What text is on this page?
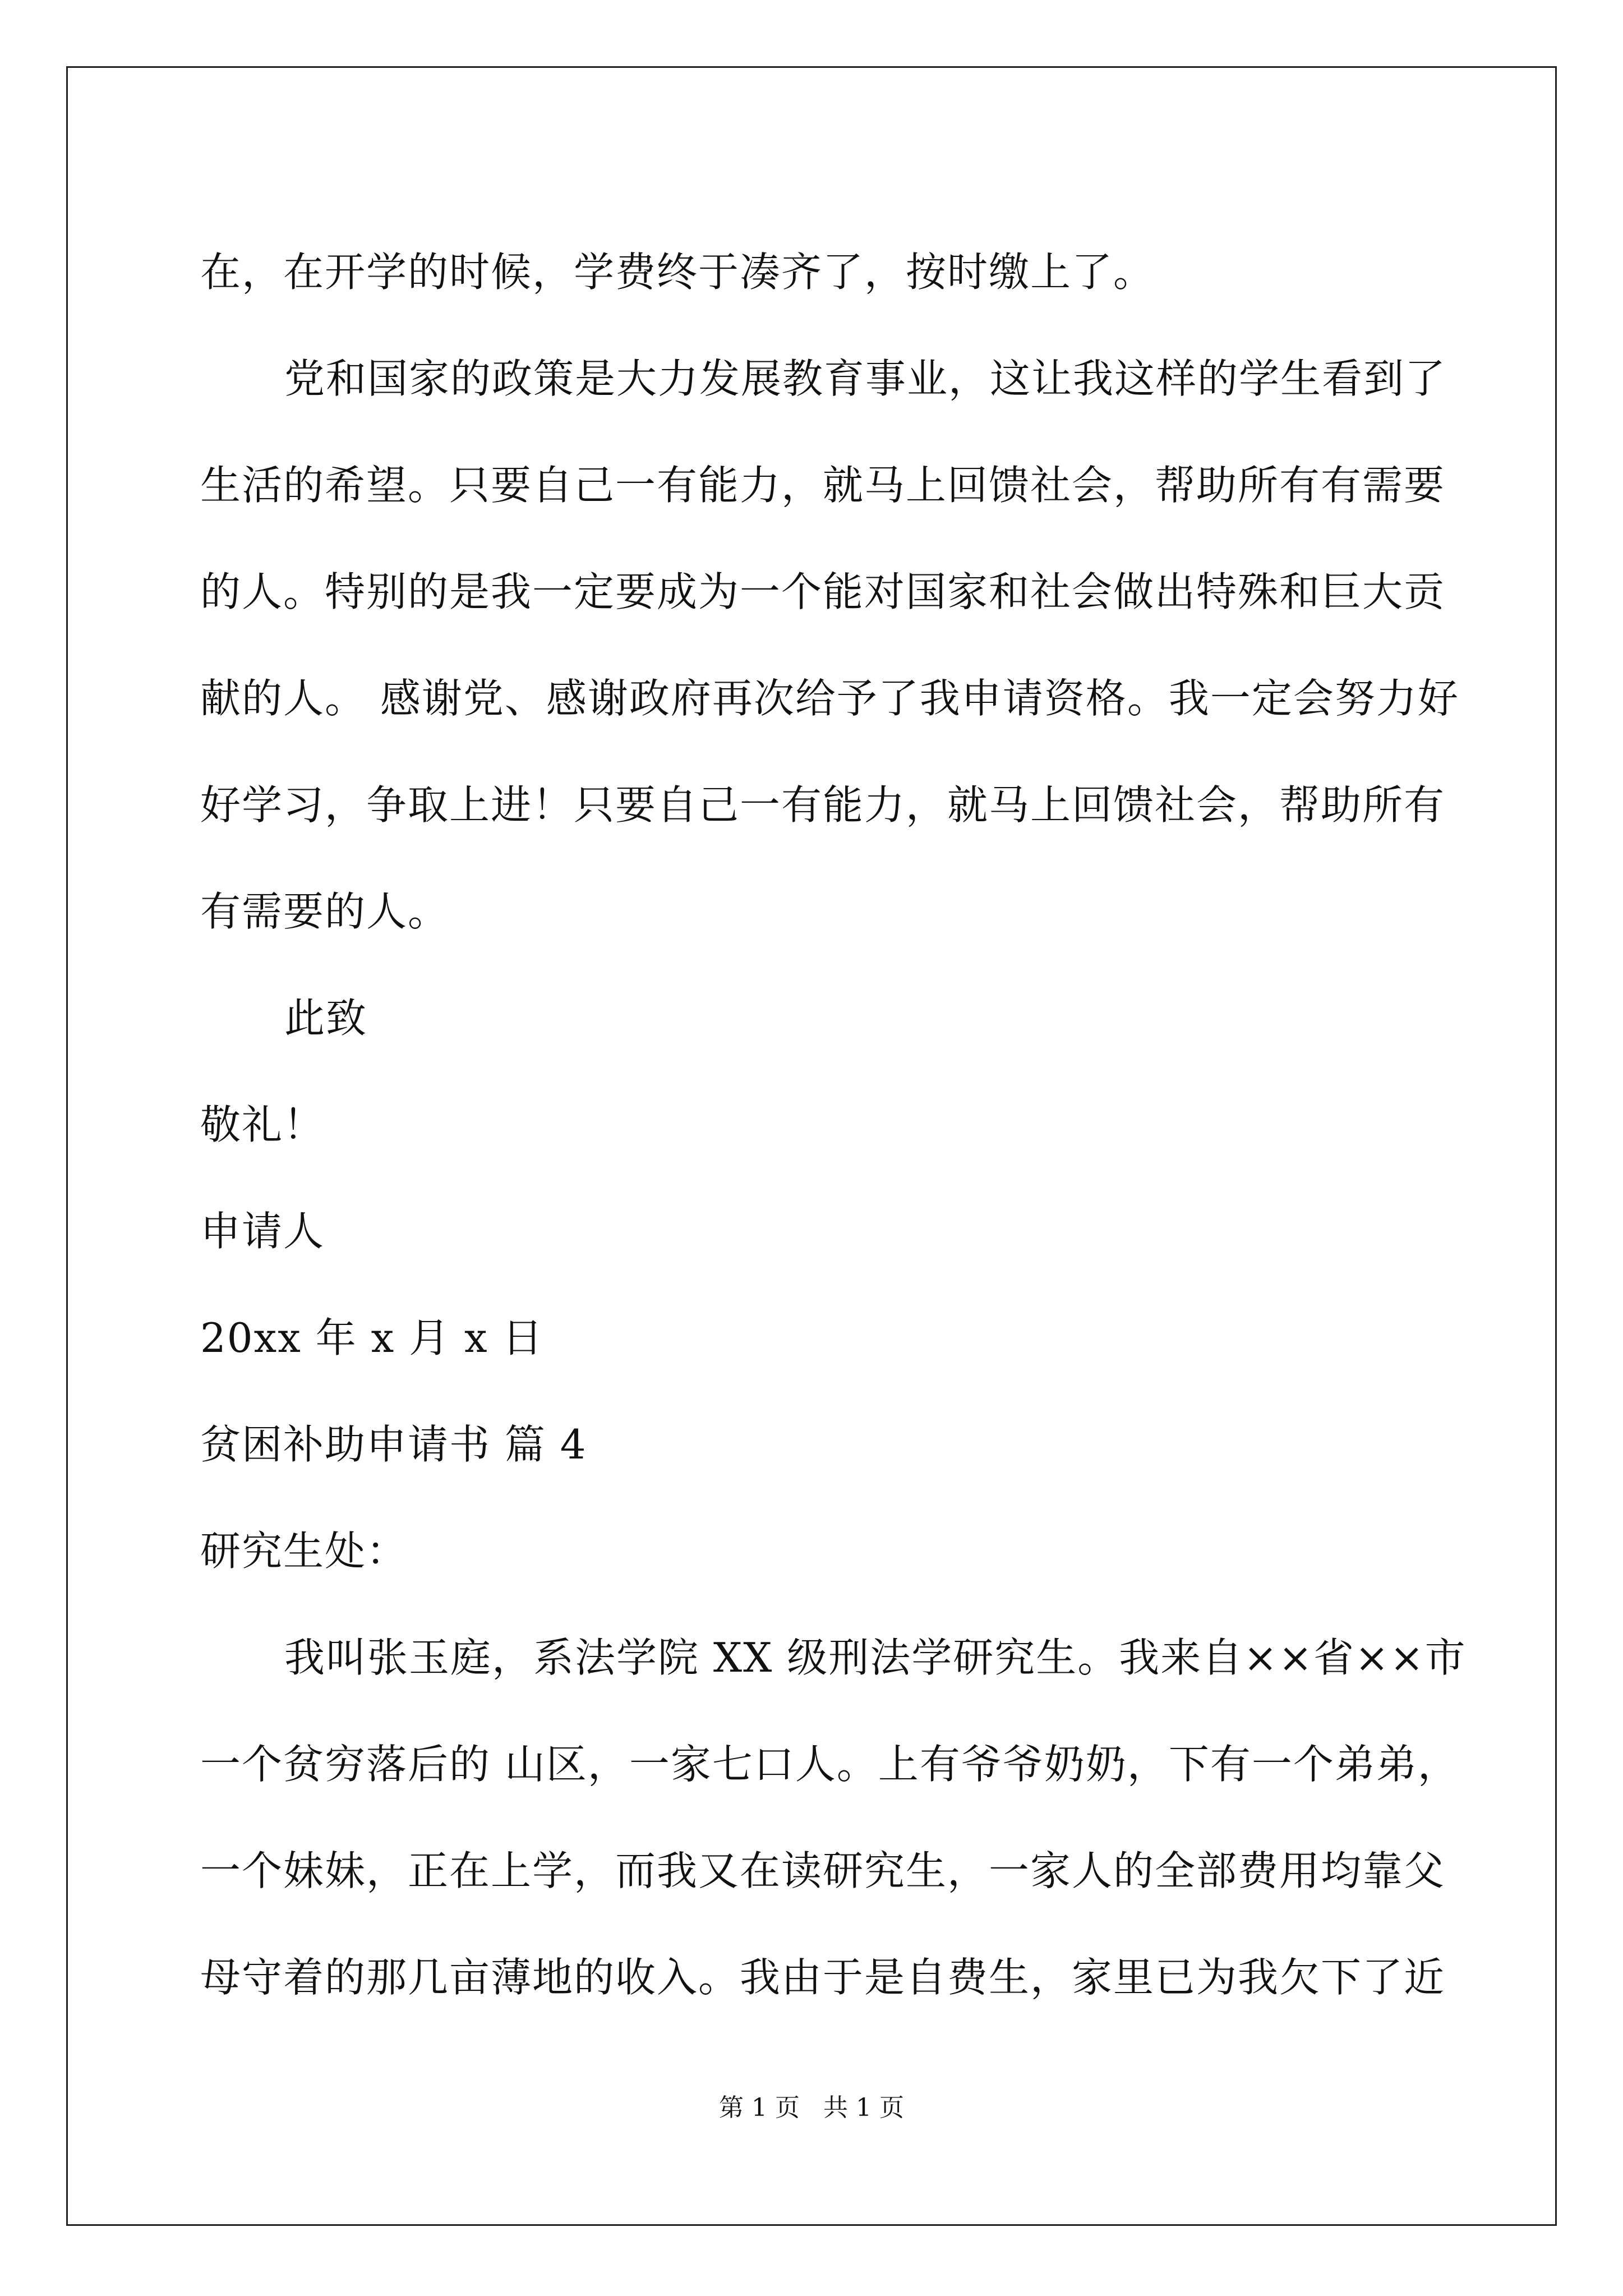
在，在开学的时候，学费终于凑齐了，按时缴上了。
党和国家的政策是大力发展教育事业，这让我这样的学生看到了
生活的希望。只要自己一有能力，就马上回馈社会，帮助所有有需要
的人。特别的是我一定要成为一个能对国家和社会做出特殊和巨大贡
献的人。 感谢党、感谢政府再次给予了我申请资格。我一定会努力好
好学习，争取上进！只要自己一有能力，就马上回馈社会，帮助所有
有需要的人。
此致
敬礼！
申请人
20xx 年 x 月 x 日
贫困补助申请书 篇 4
研究生处：
我叫张玉庭，系法学院 XX 级刑法学研究生。我来自××省××市
一个贫穷落后的 山区，一家七口人。上有爷爷奶奶，下有一个弟弟，
一个妹妹，正在上学，而我又在读研究生，一家人的全部费用均靠父
母守着的那几亩薄地的收入。我由于是自费生，家里已为我欠下了近
第 1 页   共 1 页
